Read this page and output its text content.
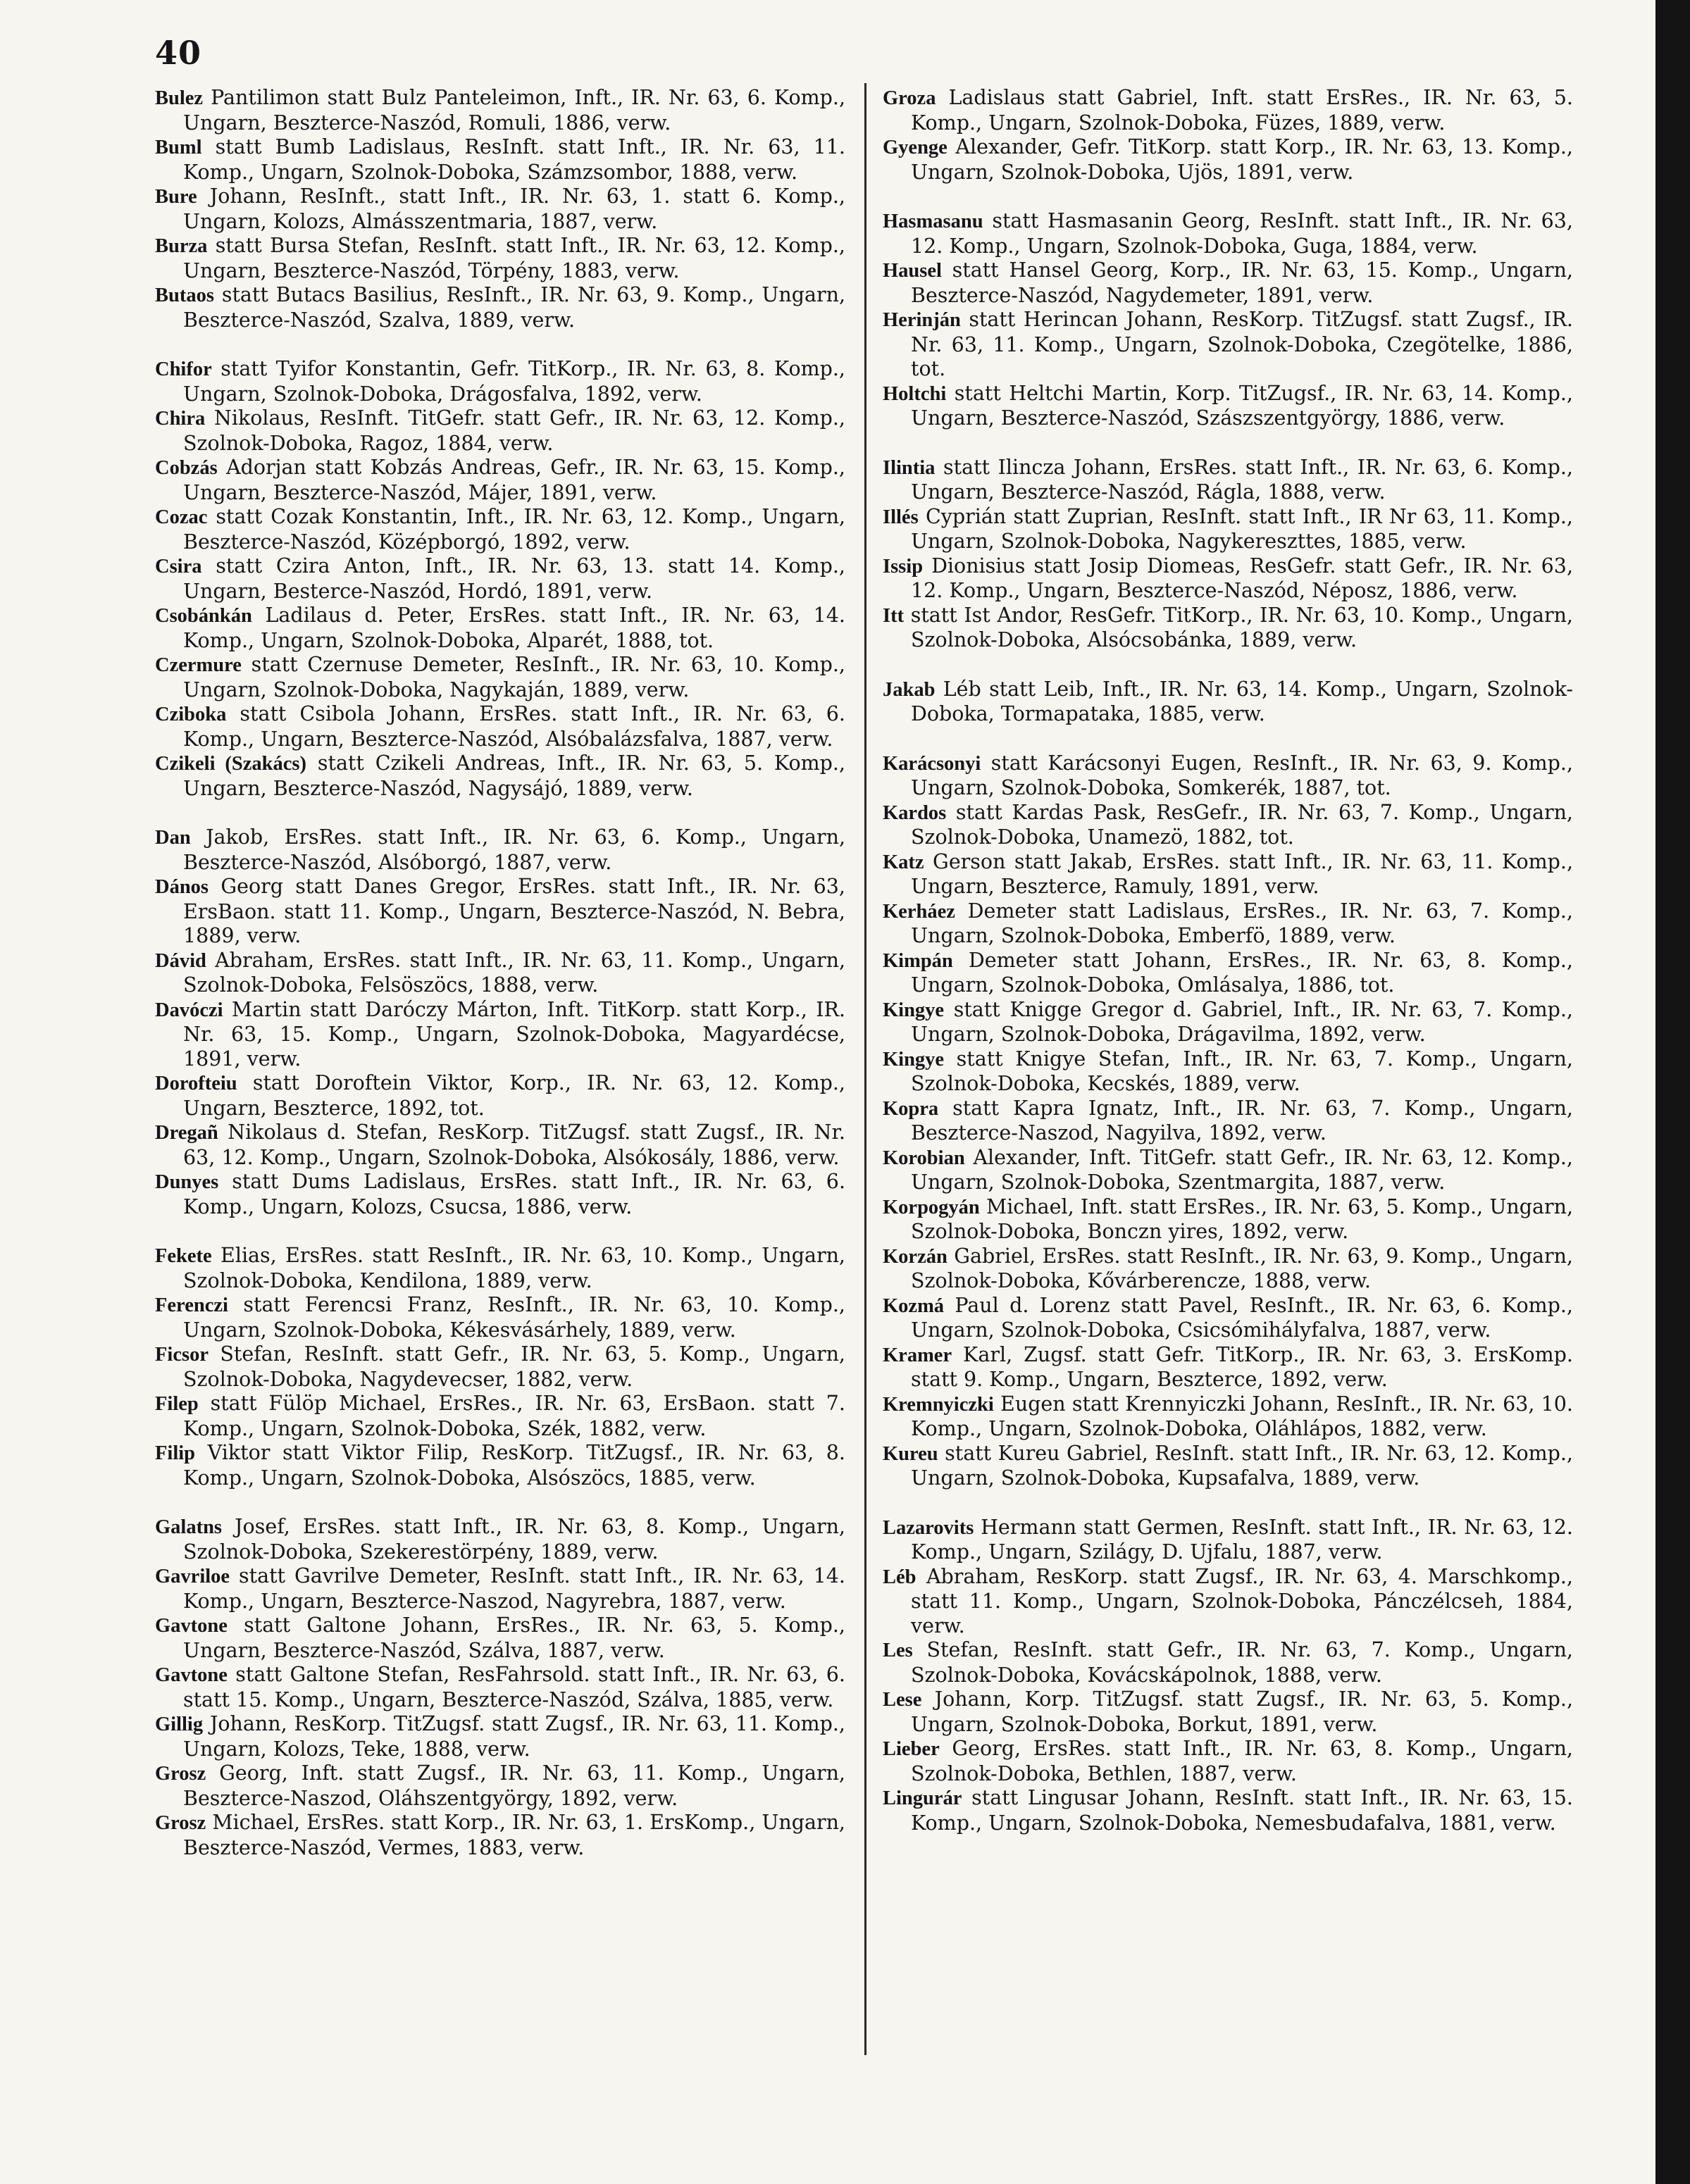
40
Bulez Pantilimon statt Bulz Panteleimon, Inft., IR. Nr. 63, 6. Komp., Ungarn, Beszterce-Naszód, Romuli, 1886, verw.
Buml statt Bumb Ladislaus, ResInft. statt Inft., IR. Nr. 63, 11. Komp., Ungarn, Szolnok-Doboka, Számzsombor, 1888, verw.
Bure Johann, ResInft., statt Inft., IR. Nr. 63, 1. statt 6. Komp., Ungarn, Kolozs, Almásszentmaria, 1887, verw.
Burza statt Bursa Stefan, ResInft. statt Inft., IR. Nr. 63, 12. Komp., Ungarn, Beszterce-Naszód, Törpény, 1883, verw.
Butaos statt Butacs Basilius, ResInft., IR. Nr. 63, 9. Komp., Ungarn, Beszterce-Naszód, Szalva, 1889, verw.
Chifor statt Tyifor Konstantin, Gefr. TitKorp., IR. Nr. 63, 8. Komp., Ungarn, Szolnok-Doboka, Drágosfalva, 1892, verw.
Chira Nikolaus, ResInft. TitGefr. statt Gefr., IR. Nr. 63, 12. Komp., Szolnok-Doboka, Ragoz, 1884, verw.
Cobzás Adorjan statt Kobzás Andreas, Gefr., IR. Nr. 63, 15. Komp., Ungarn, Beszterce-Naszód, Májer, 1891, verw.
Cozac statt Cozak Konstantin, Inft., IR. Nr. 63, 12. Komp., Ungarn, Beszterce-Naszód, Középborgó, 1892, verw.
Csira statt Czira Anton, Inft., IR. Nr. 63, 13. statt 14. Komp., Ungarn, Besterce-Naszód, Hordó, 1891, verw.
Csobánkán Ladilaus d. Peter, ErsRes. statt Inft., IR. Nr. 63, 14. Komp., Ungarn, Szolnok-Doboka, Alparét, 1888, tot.
Czermure statt Czernuse Demeter, ResInft., IR. Nr. 63, 10. Komp., Ungarn, Szolnok-Doboka, Nagykaján, 1889, verw.
Cziboka statt Csibola Johann, ErsRes. statt Inft., IR. Nr. 63, 6. Komp., Ungarn, Beszterce-Naszód, Alsóbalázsfalva, 1887, verw.
Czikeli (Szakács) statt Czikeli Andreas, Inft., IR. Nr. 63, 5. Komp., Ungarn, Beszterce-Naszód, Nagysájó, 1889, verw.
Dan Jakob, ErsRes. statt Inft., IR. Nr. 63, 6. Komp., Ungarn, Beszterce-Naszód, Alsóborgó, 1887, verw.
Dános Georg statt Danes Gregor, ErsRes. statt Inft., IR. Nr. 63, ErsBaon. statt 11. Komp., Ungarn, Beszterce-Naszód, N. Bebra, 1889, verw.
Dávid Abraham, ErsRes. statt Inft., IR. Nr. 63, 11. Komp., Ungarn, Szolnok-Doboka, Felsöszöcs, 1888, verw.
Davóczi Martin statt Daróczy Márton, Inft. TitKorp. statt Korp., IR. Nr. 63, 15. Komp., Ungarn, Szolnok-Doboka, Magyardécse, 1891, verw.
Dorofteiu statt Doroftein Viktor, Korp., IR. Nr. 63, 12. Komp., Ungarn, Beszterce, 1892, tot.
Dregañ Nikolaus d. Stefan, ResKorp. TitZugsf. statt Zugsf., IR. Nr. 63, 12. Komp., Ungarn, Szolnok-Doboka, Alsókosály, 1886, verw.
Dunyes statt Dums Ladislaus, ErsRes. statt Inft., IR. Nr. 63, 6. Komp., Ungarn, Kolozs, Csucsa, 1886, verw.
Fekete Elias, ErsRes. statt ResInft., IR. Nr. 63, 10. Komp., Ungarn, Szolnok-Doboka, Kendilona, 1889, verw.
Ferenczi statt Ferencsi Franz, ResInft., IR. Nr. 63, 10. Komp., Ungarn, Szolnok-Doboka, Kékesvásárhely, 1889, verw.
Ficsor Stefan, ResInft. statt Gefr., IR. Nr. 63, 5. Komp., Ungarn, Szolnok-Doboka, Nagydevecser, 1882, verw.
Filep statt Fülöp Michael, ErsRes., IR. Nr. 63, ErsBaon. statt 7. Komp., Ungarn, Szolnok-Doboka, Szék, 1882, verw.
Filip Viktor statt Viktor Filip, ResKorp. TitZugsf., IR. Nr. 63, 8. Komp., Ungarn, Szolnok-Doboka, Alsószöcs, 1885, verw.
Galatns Josef, ErsRes. statt Inft., IR. Nr. 63, 8. Komp., Ungarn, Szolnok-Doboka, Szekerestörpény, 1889, verw.
Gavriloe statt Gavrilve Demeter, ResInft. statt Inft., IR. Nr. 63, 14. Komp., Ungarn, Beszterce-Naszod, Nagyrebra, 1887, verw.
Gavtone statt Galtone Johann, ErsRes., IR. Nr. 63, 5. Komp., Ungarn, Beszterce-Naszód, Szálva, 1887, verw.
Gavtone statt Galtone Stefan, ResFahrsold. statt Inft., IR. Nr. 63, 6. statt 15. Komp., Ungarn, Beszterce-Naszód, Szálva, 1885, verw.
Gillig Johann, ResKorp. TitZugsf. statt Zugsf., IR. Nr. 63, 11. Komp., Ungarn, Kolozs, Teke, 1888, verw.
Grosz Georg, Inft. statt Zugsf., IR. Nr. 63, 11. Komp., Ungarn, Beszterce-Naszod, Oláhszentgyörgy, 1892, verw.
Grosz Michael, ErsRes. statt Korp., IR. Nr. 63, 1. ErsKomp., Ungarn, Beszterce-Naszód, Vermes, 1883, verw.
Groza Ladislaus statt Gabriel, Inft. statt ErsRes., IR. Nr. 63, 5. Komp., Ungarn, Szolnok-Doboka, Füzes, 1889, verw.
Gyenge Alexander, Gefr. TitKorp. statt Korp., IR. Nr. 63, 13. Komp., Ungarn, Szolnok-Doboka, Ujös, 1891, verw.
Hasmasanu statt Hasmasanin Georg, ResInft. statt Inft., IR. Nr. 63, 12. Komp., Ungarn, Szolnok-Doboka, Guga, 1884, verw.
Hausel statt Hansel Georg, Korp., IR. Nr. 63, 15. Komp., Ungarn, Beszterce-Naszód, Nagydemeter, 1891, verw.
Herinján statt Herincan Johann, ResKorp. TitZugsf. statt Zugsf., IR. Nr. 63, 11. Komp., Ungarn, Szolnok-Doboka, Czegötelke, 1886, tot.
Holtchi statt Heltchi Martin, Korp. TitZugsf., IR. Nr. 63, 14. Komp., Ungarn, Beszterce-Naszód, Szászszentgyörgy, 1886, verw.
Ilintia statt Ilincza Johann, ErsRes. statt Inft., IR. Nr. 63, 6. Komp., Ungarn, Beszterce-Naszód, Rágla, 1888, verw.
Illés Cyprián statt Zuprian, ResInft. statt Inft., IR Nr 63, 11. Komp., Ungarn, Szolnok-Doboka, Nagykereszttes, 1885, verw.
Issip Dionisius statt Josip Diomeas, ResGefr. statt Gefr., IR. Nr. 63, 12. Komp., Ungarn, Beszterce-Naszód, Néposz, 1886, verw.
Itt statt Ist Andor, ResGefr. TitKorp., IR. Nr. 63, 10. Komp., Ungarn, Szolnok-Doboka, Alsócsobánka, 1889, verw.
Jakab Léb statt Leib, Inft., IR. Nr. 63, 14. Komp., Ungarn, Szolnok-Doboka, Tormapataka, 1885, verw.
Karácsonyi statt Karácsonyi Eugen, ResInft., IR. Nr. 63, 9. Komp., Ungarn, Szolnok-Doboka, Somkerék, 1887, tot.
Kardos statt Kardas Pask, ResGefr., IR. Nr. 63, 7. Komp., Ungarn, Szolnok-Doboka, Unamezö, 1882, tot.
Katz Gerson statt Jakab, ErsRes. statt Inft., IR. Nr. 63, 11. Komp., Ungarn, Beszterce, Ramuly, 1891, verw.
Kerháez Demeter statt Ladislaus, ErsRes., IR. Nr. 63, 7. Komp., Ungarn, Szolnok-Doboka, Emberfö, 1889, verw.
Kimpán Demeter statt Johann, ErsRes., IR. Nr. 63, 8. Komp., Ungarn, Szolnok-Doboka, Omlásalya, 1886, tot.
Kingye statt Knigge Gregor d. Gabriel, Inft., IR. Nr. 63, 7. Komp., Ungarn, Szolnok-Doboka, Drágavilma, 1892, verw.
Kingye statt Knigye Stefan, Inft., IR. Nr. 63, 7. Komp., Ungarn, Szolnok-Doboka, Kecskés, 1889, verw.
Kopra statt Kapra Ignatz, Inft., IR. Nr. 63, 7. Komp., Ungarn, Beszterce-Naszod, Nagyilva, 1892, verw.
Korobian Alexander, Inft. TitGefr. statt Gefr., IR. Nr. 63, 12. Komp., Ungarn, Szolnok-Doboka, Szentmargita, 1887, verw.
Korpogyán Michael, Inft. statt ErsRes., IR. Nr. 63, 5. Komp., Ungarn, Szolnok-Doboka, Bonczn yires, 1892, verw.
Korzán Gabriel, ErsRes. statt ResInft., IR. Nr. 63, 9. Komp., Ungarn, Szolnok-Doboka, Kővárberencze, 1888, verw.
Kozmá Paul d. Lorenz statt Pavel, ResInft., IR. Nr. 63, 6. Komp., Ungarn, Szolnok-Doboka, Csicsómihályfalva, 1887, verw.
Kramer Karl, Zugsf. statt Gefr. TitKorp., IR. Nr. 63, 3. ErsKomp. statt 9. Komp., Ungarn, Beszterce, 1892, verw.
Kremnyiczki Eugen statt Krennyiczki Johann, ResInft., IR. Nr. 63, 10. Komp., Ungarn, Szolnok-Doboka, Oláhlápos, 1882, verw.
Kureu statt Kureu Gabriel, ResInft. statt Inft., IR. Nr. 63, 12. Komp., Ungarn, Szolnok-Doboka, Kupsafalva, 1889, verw.
Lazarovits Hermann statt Germen, ResInft. statt Inft., IR. Nr. 63, 12. Komp., Ungarn, Szilágy, D. Ujfalu, 1887, verw.
Léb Abraham, ResKorp. statt Zugsf., IR. Nr. 63, 4. Marschkomp., statt 11. Komp., Ungarn, Szolnok-Doboka, Pánczélcseh, 1884, verw.
Les Stefan, ResInft. statt Gefr., IR. Nr. 63, 7. Komp., Ungarn, Szolnok-Doboka, Kovácskápolnok, 1888, verw.
Lese Johann, Korp. TitZugsf. statt Zugsf., IR. Nr. 63, 5. Komp., Ungarn, Szolnok-Doboka, Borkut, 1891, verw.
Lieber Georg, ErsRes. statt Inft., IR. Nr. 63, 8. Komp., Ungarn, Szolnok-Doboka, Bethlen, 1887, verw.
Lingurár statt Lingusar Johann, ResInft. statt Inft., IR. Nr. 63, 15. Komp., Ungarn, Szolnok-Doboka, Nemesbudafalva, 1881, verw.
